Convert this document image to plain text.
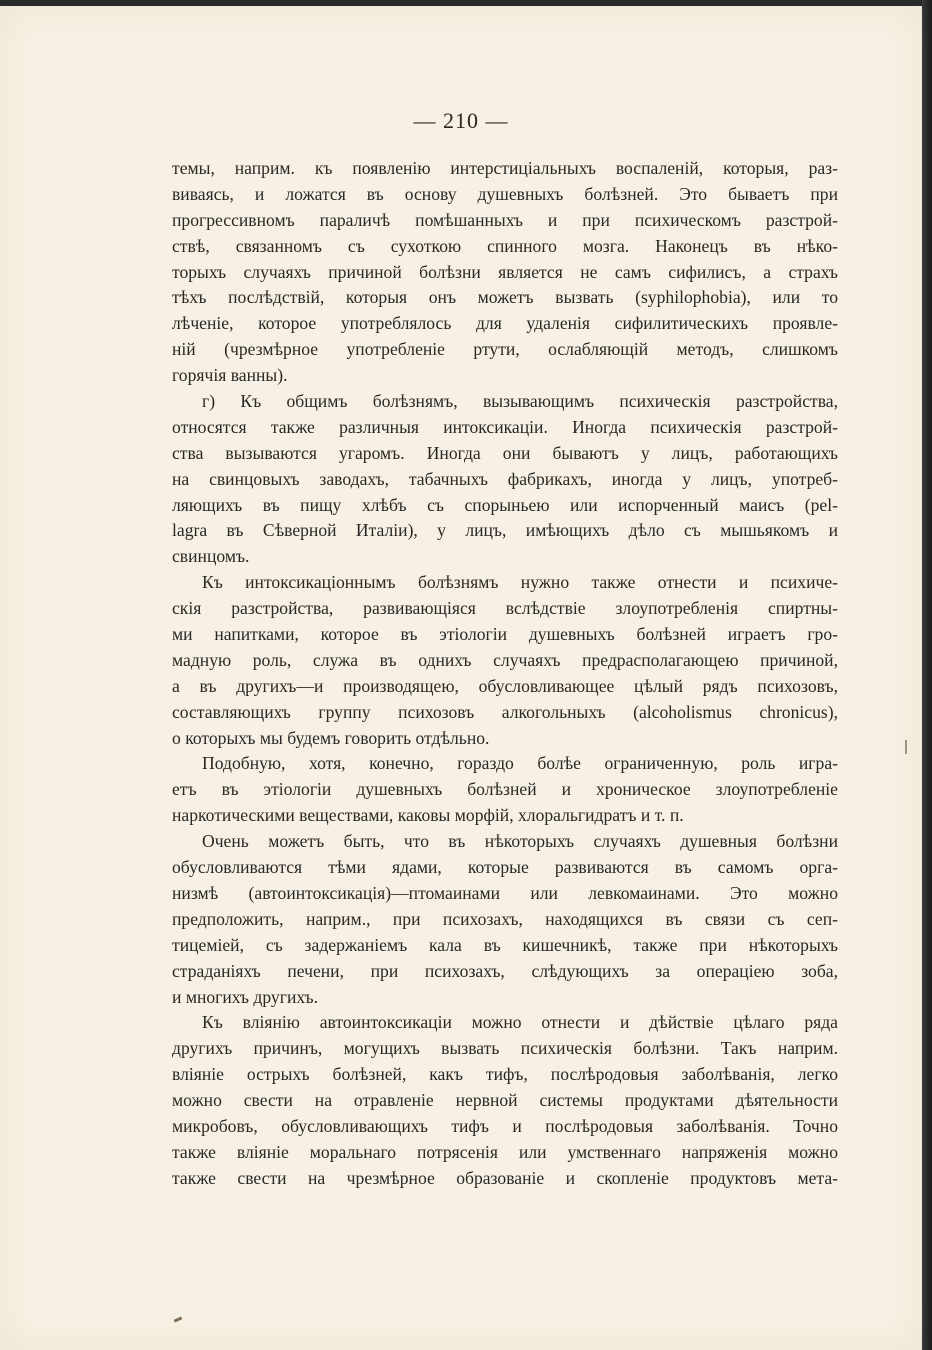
— 210 —
темы, наприм. къ появленію интерстиціальныхъ воспаленій, которыя, раз-
виваясь, и ложатся въ основу душевныхъ болѣзней. Это бываетъ при
прогрессивномъ параличѣ помѣшанныхъ и при психическомъ разстрой-
ствѣ, связанномъ съ сухоткою спинного мозга. Наконецъ въ нѣко-
торыхъ случаяхъ причиной болѣзни является не самъ сифилисъ, а страхъ
тѣхъ послѣдствій, которыя онъ можетъ вызвать (syphilophobia), или то
лѣченіе, которое употреблялось для удаленія сифилитическихъ проявле-
ній (чрезмѣрное употребленіе ртути, ослабляющій методъ, слишкомъ
горячія ванны).
г) Къ общимъ болѣзнямъ, вызывающимъ психическія разстройства,
относятся также различныя интоксикаціи. Иногда психическія разстрой-
ства вызываются угаромъ. Иногда они бываютъ у лицъ, работающихъ
на свинцовыхъ заводахъ, табачныхъ фабрикахъ, иногда у лицъ, употреб-
ляющихъ въ пищу хлѣбъ съ спорыньею или испорченный маисъ (pel-
lagra въ Сѣверной Италіи), у лицъ, имѣющихъ дѣло съ мышьякомъ и
свинцомъ.
Къ интоксикаціоннымъ болѣзнямъ нужно также отнести и психиче-
скія разстройства, развивающіяся вслѣдствіе злоупотребленія спиртны-
ми напитками, которое въ этіологіи душевныхъ болѣзней играетъ гро-
мадную роль, служа въ однихъ случаяхъ предрасполагающею причиной,
а въ другихъ—и производящею, обусловливающее цѣлый рядъ психозовъ,
составляющихъ группу психозовъ алкогольныхъ (alcoholismus chronicus),
о которыхъ мы будемъ говорить отдѣльно.
Подобную, хотя, конечно, гораздо болѣе ограниченную, роль игра-
етъ въ этіологіи душевныхъ болѣзней и хроническое злоупотребленіе
наркотическими веществами, каковы морфій, хлоральгидратъ и т. п.
Очень можетъ быть, что въ нѣкоторыхъ случаяхъ душевныя болѣзни
обусловливаются тѣми ядами, которые развиваются въ самомъ орга-
низмѣ (автоинтоксикація)—птомаинами или левкомаинами. Это можно
предположить, наприм., при психозахъ, находящихся въ связи съ сеп-
тицеміей, съ задержаніемъ кала въ кишечникѣ, также при нѣкоторыхъ
страданіяхъ печени, при психозахъ, слѣдующихъ за операціею зоба,
и многихъ другихъ.
Къ вліянію автоинтоксикаціи можно отнести и дѣйствіе цѣлаго ряда
другихъ причинъ, могущихъ вызвать психическія болѣзни. Такъ наприм.
вліяніе острыхъ болѣзней, какъ тифъ, послѣродовыя заболѣванія, легко
можно свести на отравленіе нервной системы продуктами дѣятельности
микробовъ, обусловливающихъ тифъ и послѣродовыя заболѣванія. Точно
также вліяніе моральнаго потрясенія или умственнаго напряженія можно
также свести на чрезмѣрное образованіе и скопленіе продуктовъ мета-
